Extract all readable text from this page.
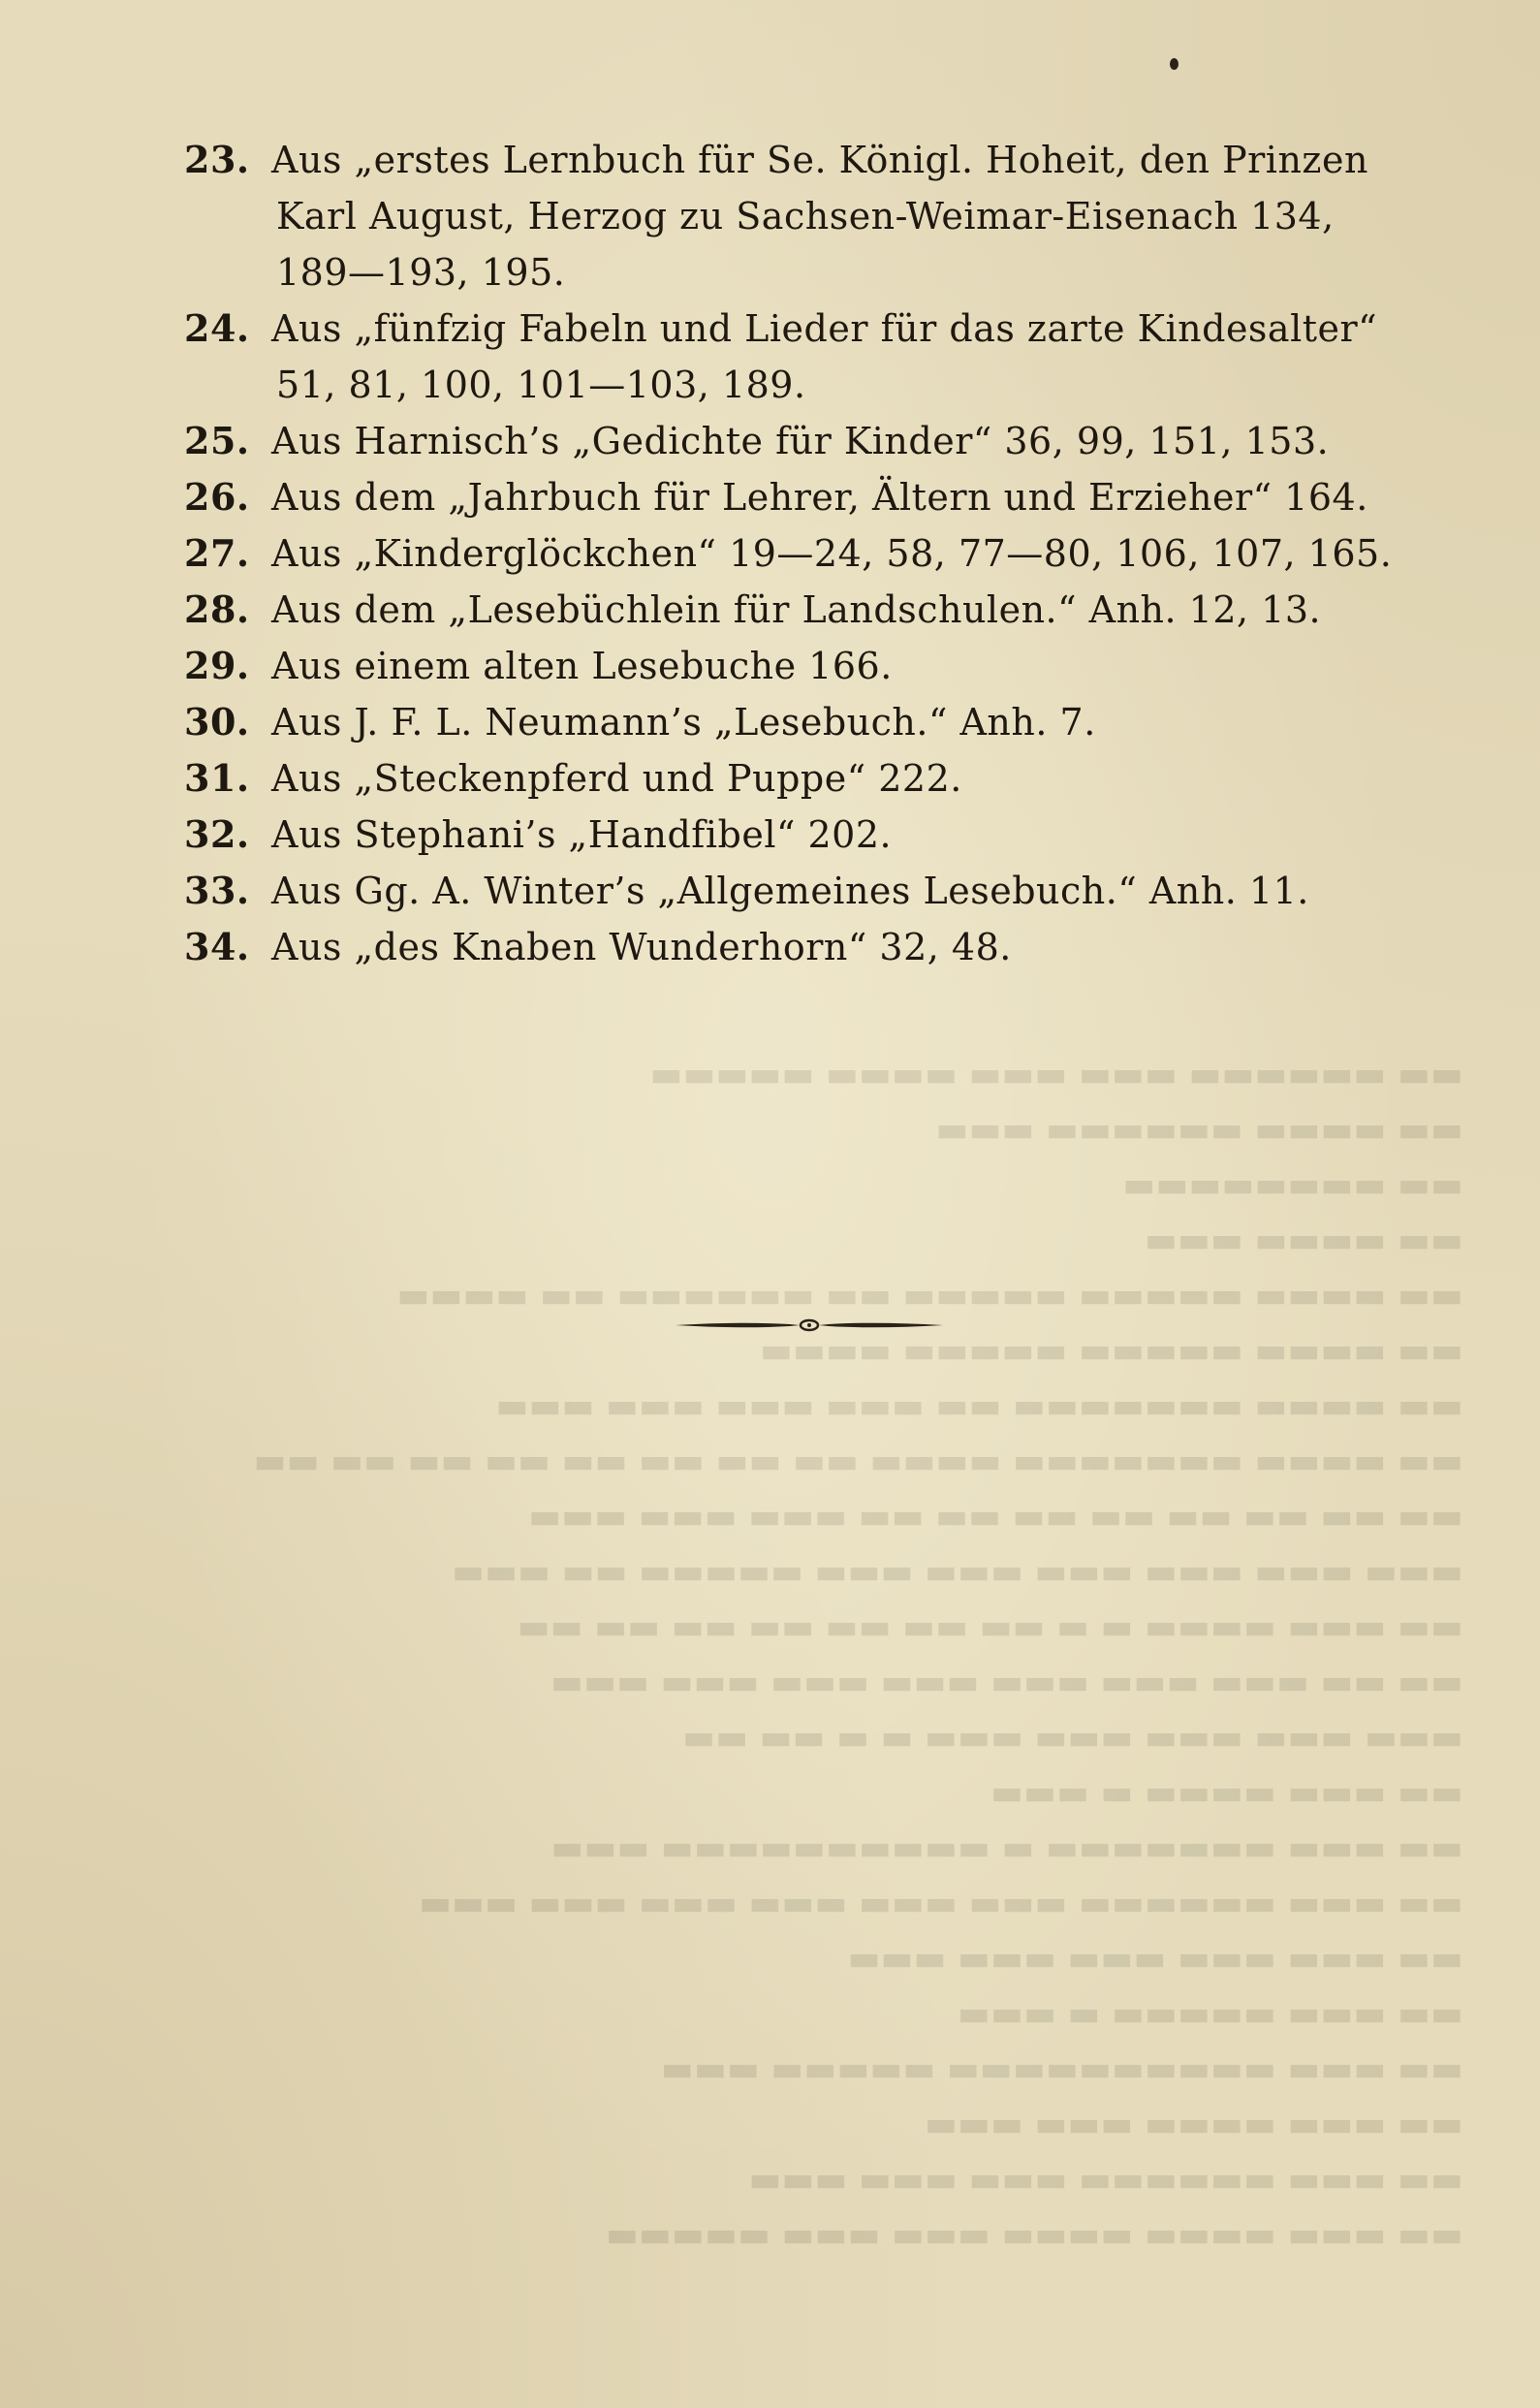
▬▬ ▬▬▬▬▬▬ ▬▬▬ ▬▬▬ ▬▬▬▬ ▬▬▬▬▬
▬▬ ▬▬▬▬ ▬▬▬▬▬▬ ▬▬▬
▬▬ ▬▬▬▬▬▬▬▬
▬▬ ▬▬▬▬ ▬▬▬
▬▬ ▬▬▬▬ ▬▬▬▬▬ ▬▬▬▬▬ ▬▬ ▬▬▬▬▬▬ ▬▬ ▬▬▬▬
▬▬ ▬▬▬▬ ▬▬▬▬▬ ▬▬▬▬▬ ▬▬▬▬
▬▬ ▬▬▬▬ ▬▬▬▬▬▬▬ ▬▬ ▬▬▬ ▬▬▬ ▬▬▬ ▬▬▬
▬▬ ▬▬▬▬ ▬▬▬▬▬▬▬ ▬▬▬▬ ▬▬ ▬▬ ▬▬ ▬▬ ▬▬ ▬▬ ▬▬ ▬▬
▬▬ ▬▬ ▬▬ ▬▬ ▬▬ ▬▬ ▬▬ ▬▬ ▬▬▬ ▬▬▬ ▬▬▬
▬▬▬ ▬▬▬ ▬▬▬ ▬▬▬ ▬▬▬ ▬▬▬ ▬▬▬▬▬ ▬▬ ▬▬▬
▬▬ ▬▬▬ ▬▬▬▬ ▬ ▬ ▬▬ ▬▬ ▬▬ ▬▬ ▬▬ ▬▬ ▬▬
▬▬ ▬▬ ▬▬▬ ▬▬▬ ▬▬▬ ▬▬▬ ▬▬▬ ▬▬▬ ▬▬▬
▬▬▬ ▬▬▬ ▬▬▬ ▬▬▬ ▬▬▬ ▬ ▬ ▬▬ ▬▬
▬▬ ▬▬▬ ▬▬▬▬ ▬ ▬▬▬
▬▬ ▬▬▬ ▬▬▬▬▬▬▬ ▬ ▬▬▬▬▬▬▬▬▬▬ ▬▬▬
▬▬ ▬▬▬ ▬▬▬▬▬▬ ▬▬▬ ▬▬▬ ▬▬▬ ▬▬▬ ▬▬▬ ▬▬▬
▬▬ ▬▬▬ ▬▬▬ ▬▬▬ ▬▬▬ ▬▬▬
▬▬ ▬▬▬ ▬▬▬▬▬ ▬ ▬▬▬
▬▬ ▬▬▬ ▬▬▬▬▬▬▬▬▬▬ ▬▬▬▬▬ ▬▬▬
▬▬ ▬▬▬ ▬▬▬▬ ▬▬▬ ▬▬▬
▬▬ ▬▬▬ ▬▬▬▬▬▬ ▬▬▬ ▬▬▬ ▬▬▬
▬▬ ▬▬▬ ▬▬▬▬ ▬▬▬▬ ▬▬▬ ▬▬▬ ▬▬▬▬▬
23. Aus „erstes Lernbuch für Se. Königl. Hoheit, den Prinzen
Karl August, Herzog zu Sachsen-Weimar-Eisenach 134,
189—193, 195.
24. Aus „fünfzig Fabeln und Lieder für das zarte Kindesalter“
51, 81, 100, 101—103, 189.
25. Aus Harnisch’s „Gedichte für Kinder“ 36, 99, 151, 153.
26. Aus dem „Jahrbuch für Lehrer, Ältern und Erzieher“ 164.
27. Aus „Kinderglöckchen“ 19—24, 58, 77—80, 106, 107, 165.
28. Aus dem „Lesebüchlein für Landschulen.“ Anh. 12, 13.
29. Aus einem alten Lesebuche 166.
30. Aus J. F. L. Neumann’s „Lesebuch.“ Anh. 7.
31. Aus „Steckenpferd und Puppe“ 222.
32. Aus Stephani’s „Handfibel“ 202.
33. Aus Gg. A. Winter’s „Allgemeines Lesebuch.“ Anh. 11.
34. Aus „des Knaben Wunderhorn“ 32, 48.
